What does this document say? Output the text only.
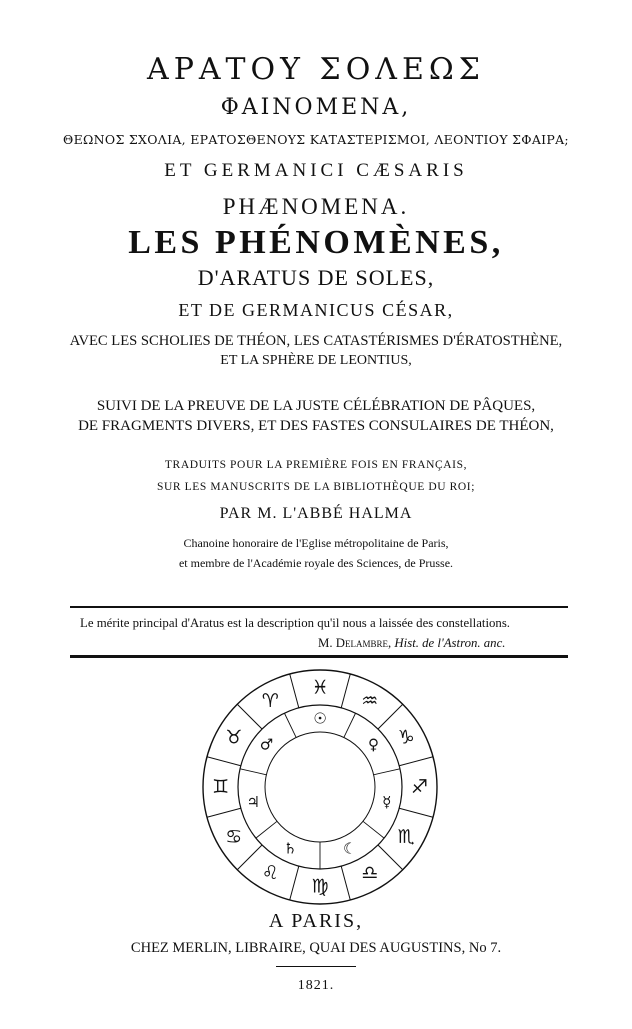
ΑΡΑΤΟΥ ΣΟΛΕΩΣ
ΦΑΙΝΟΜΕΝΑ,
ΘΕΩΝΟΣ ΣΧΟΛΙΑ, ΕΡΑΤΟΣΘΕΝΟΥΣ ΚΑΤΑΣΤΕΡΙΣΜΟΙ, ΛΕΟΝΤΙΟΥ ΣΦΑΙΡΑ;
ET GERMANICI CÆSARIS
PHÆNOMENA.
LES PHÉNOMÈNES,
D'ARATUS DE SOLES,
ET DE GERMANICUS CÉSAR,
AVEC LES SCHOLIES DE THÉON, LES CATASTÉRISMES D'ÉRATOSTHÈNE,
ET LA SPHÈRE DE LEONTIUS,
SUIVI DE LA PREUVE DE LA JUSTE CÉLÉBRATION DE PÂQUES,
DE FRAGMENTS DIVERS, ET DES FASTES CONSULAIRES DE THÉON,
TRADUITS POUR LA PREMIÈRE FOIS EN FRANÇAIS,
SUR LES MANUSCRITS DE LA BIBLIOTHÈQUE DU ROI;
PAR M. L'ABBÉ HALMA
Chanoine honoraire de l'Eglise métropolitaine de Paris,
et membre de l'Académie royale des Sciences, de Prusse.
Le mérite principal d'Aratus est la description qu'il nous a laissée des constellations.
M. Delambre, Hist. de l'Astron. anc.
♓
♒
♑
♐
♏
♎
♍
♌
♋
♊
♉
♈
☉
♀
☿
☾
♄
♃
♂
A PARIS,
CHEZ MERLIN, LIBRAIRE, QUAI DES AUGUSTINS, No 7.
1821.
